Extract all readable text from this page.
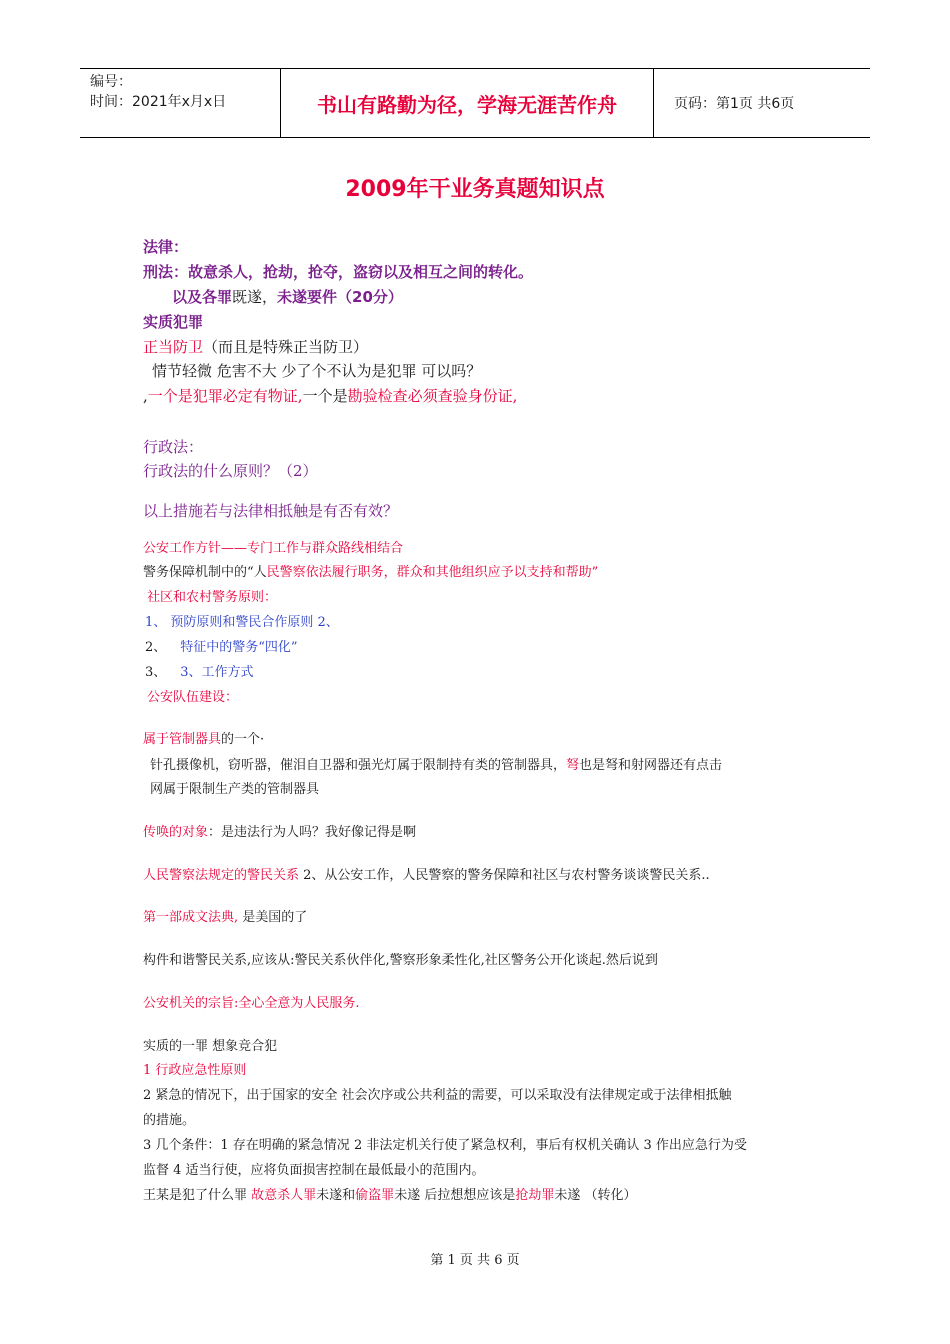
编号：
时间：2021年x月x日	书山有路勤为径，学海无涯苦作舟	页码：第1页 共6页
2009年干业务真题知识点
法律：
刑法：故意杀人，抢劫，抢夺，盗窃以及相互之间的转化。
以及各罪既遂，未遂要件（20分）
实质犯罪
正当防卫（而且是特殊正当防卫）
情节轻微 危害不大 少了个不认为是犯罪 可以吗？
,一个是犯罪必定有物证,一个是勘验检查必须查验身份证,
行政法：
行政法的什么原则？（2）
以上措施若与法律相抵触是有否有效？
公安工作方针——专门工作与群众路线相结合
警务保障机制中的“人民警察依法履行职务，群众和其他组织应予以支持和帮助”
社区和农村警务原则：
1、 预防原则和警民合作原则 2、
2、 特征中的警务“四化”
3、 3、工作方式
公安队伍建设：
属于管制器具的一个·
针孔摄像机，窃听器，催泪自卫器和强光灯属于限制持有类的管制器具，弩也是弩和射网器还有点击
网属于限制生产类的管制器具
传唤的对象：是违法行为人吗？我好像记得是啊
人民警察法规定的警民关系 2、从公安工作，人民警察的警务保障和社区与农村警务谈谈警民关系..
第一部成文法典, 是美国的了
构件和谐警民关系,应该从:警民关系伙伴化,警察形象柔性化,社区警务公开化谈起.然后说到
公安机关的宗旨:全心全意为人民服务.
实质的一罪 想象竞合犯
1 行政应急性原则
2 紧急的情况下，出于国家的安全 社会次序或公共利益的需要，可以采取没有法律规定或于法律相抵触
的措施。
3 几个条件：1 存在明确的紧急情况 2 非法定机关行使了紧急权利，事后有权机关确认 3 作出应急行为受
监督 4 适当行使，应将负面损害控制在最低最小的范围内。
王某是犯了什么罪 故意杀人罪未遂和偷盗罪未遂 后拉想想应该是抢劫罪未遂 （转化）
第 1 页 共 6 页
